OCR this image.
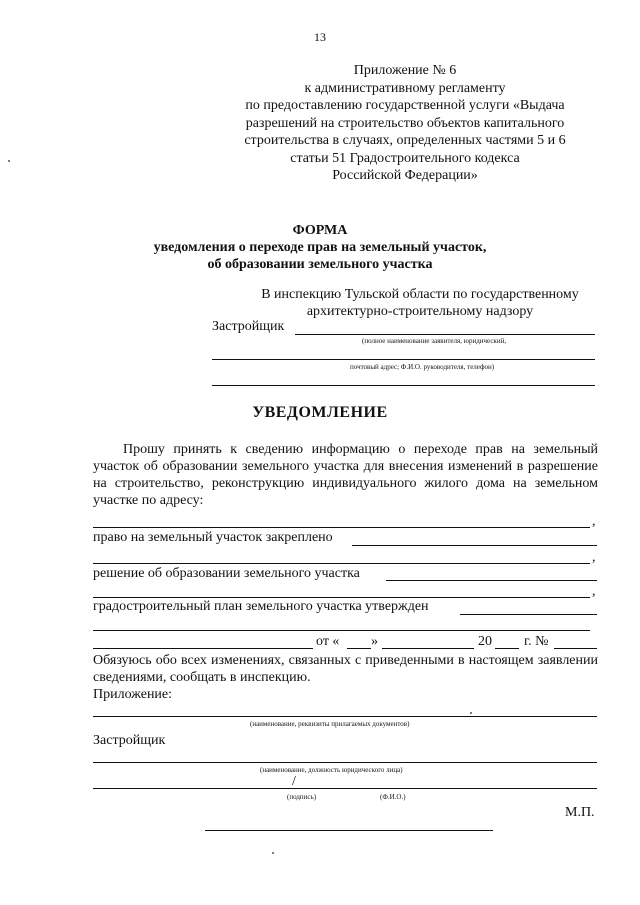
13
Приложение № 6
к административному регламенту
по предоставлению государственной услуги «Выдача
разрешений на строительство объектов капитального
строительства в случаях, определенных частями 5 и 6
статьи 51 Градостроительного кодекса
Российской Федерации»
ФОРМА
уведомления о переходе прав на земельный участок,
об образовании земельного участка
В инспекцию Тульской области по государственному
архитектурно-строительному надзору
Застройщик
(полное наименование заявителя, юридический,
почтовый адрес; Ф.И.О. руководителя, телефон)
УВЕДОМЛЕНИЕ

Прошу принять к сведению информацию о переходе прав на земельный участок об образовании земельного участка для внесения изменений в разрешение на строительство, реконструкцию индивидуального жилого дома на земельном участке по адресу:

,
право на земельный участок закреплено
,
решение об образовании земельного участка
,
градостроительный план земельного участка утвержден
от « »	20 г. №
Обязуюсь обо всех изменениях, связанных с приведенными в настоящем заявлении сведениями, сообщать в инспекцию.
Приложение:
(наименование, реквизиты прилагаемых документов)
Застройщик
(наименование, должность юридического лица)
/
(подпись)	(Ф.И.О.)
М.П.
